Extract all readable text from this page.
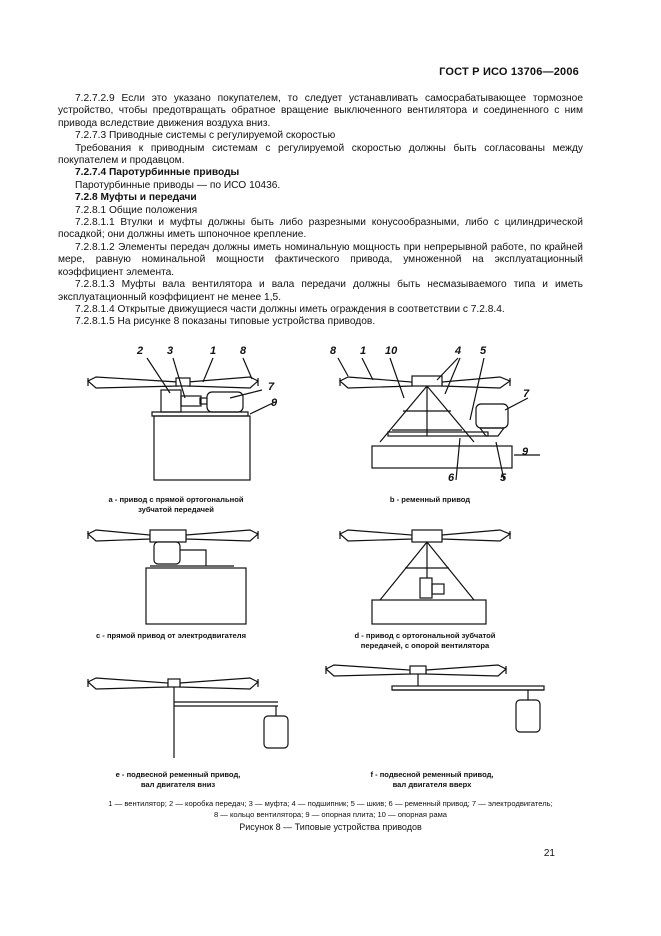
ГОСТ Р ИСО 13706—2006

7.2.7.2.9 Если это указано покупателем, то следует устанавливать самосрабатывающее тормозное устройство, чтобы предотвращать обратное вращение выключенного вентилятора и соединенного с ним привода вследствие движения воздуха вниз.

7.2.7.3 Приводные системы с регулируемой скоростью

Требования к приводным системам с регулируемой скоростью должны быть согласованы между покупателем и продавцом.

7.2.7.4 Паротурбинные приводы

Паротурбинные приводы — по ИСО 10436.

7.2.8 Муфты и передачи

7.2.8.1 Общие положения

7.2.8.1.1 Втулки и муфты должны быть либо разрезными конусообразными, либо с цилиндрической посадкой; они должны иметь шпоночное крепление.

7.2.8.1.2 Элементы передач должны иметь номинальную мощность при непрерывной работе, по крайней мере, равную номинальной мощности фактического привода, умноженной на эксплуатационный коэффициент элемента.

7.2.8.1.3 Муфты вала вентилятора и вала передачи должны быть несмазываемого типа и иметь эксплуатационный коэффициент не менее 1,5.

7.2.8.1.4 Открытые движущиеся части должны иметь ограждения в соответствии с 7.2.8.4.

7.2.8.1.5 На рисунке 8 показаны типовые устройства приводов.

2 3	1 8
7
9
8 1 10	4 5
7
9
6	5
а - привод с прямой ортогональной
зубчатой передачей
b - ременный привод
с - прямой привод от электродвигателя	d - привод с ортогональной зубчатой
передачей, с опорой вентилятора
е - подвесной ременный привод,
вал двигателя вниз
f - подвесной ременный привод,
вал двигателя вверх
1 — вентилятор; 2 — коробка передач; 3 — муфта; 4 — подшипник; 5 — шкив; 6 — ременный привод; 7 — электродвигатель;
8 — кольцо вентилятора; 9 — опорная плита; 10 — опорная рама
Рисунок 8 — Типовые устройства приводов
21
